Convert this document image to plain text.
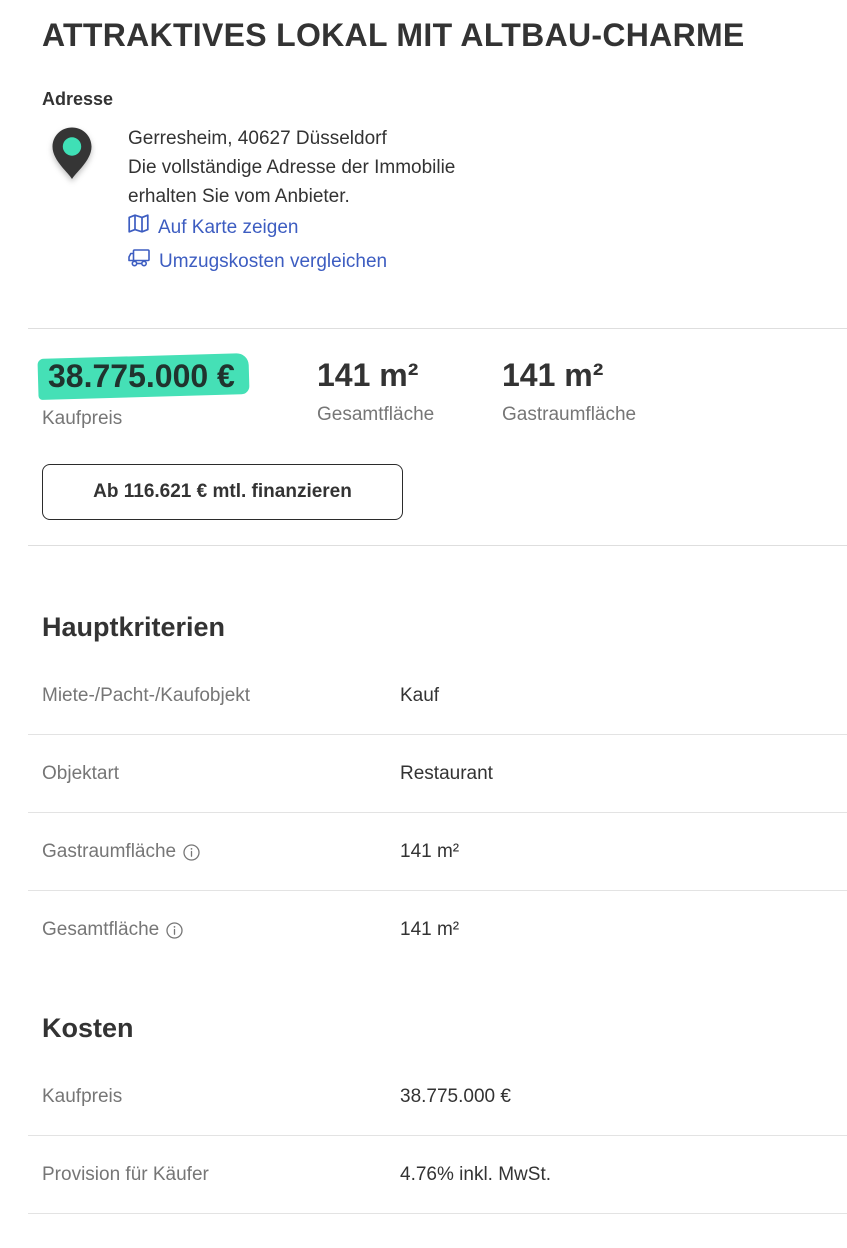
ATTRAKTIVES LOKAL MIT ALTBAU-CHARME
Adresse
Gerresheim, 40627 Düsseldorf
Die vollständige Adresse der Immobilie
erhalten Sie vom Anbieter.
Auf Karte zeigen
Umzugskosten vergleichen
38.775.000 €
Kaufpreis
141 m²
Gesamtfläche
141 m²
Gastraumfläche
Ab 116.621 € mtl. finanzieren
Hauptkriterien
Miete-/Pacht-/Kaufobjekt	Kauf
Objektart	Restaurant
Gastraumfläche	141 m²
Gesamtfläche	141 m²
Kosten
Kaufpreis	38.775.000 €
Provision für Käufer	4.76% inkl. MwSt.
